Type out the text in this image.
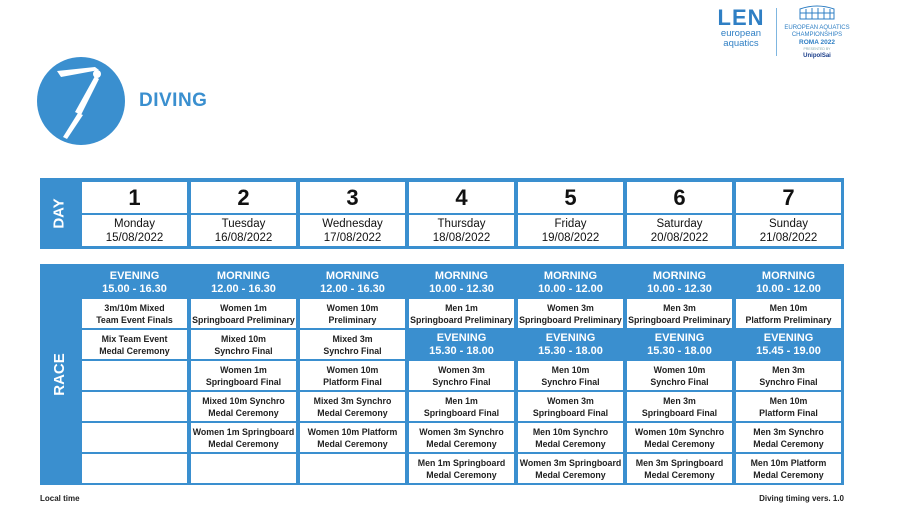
DIVING
LEN
european
aquatics
EUROPEAN AQUATICS
CHAMPIONSHIPS
ROMA 2022
PRESENTED BY
UnipolSai
DAY
1
Monday
15/08/2022
2
Tuesday
16/08/2022
3
Wednesday
17/08/2022
4
Thursday
18/08/2022
5
Friday
19/08/2022
6
Saturday
20/08/2022
7
Sunday
21/08/2022
RACE
EVENING
15.00 - 16.30
3m/10m Mixed
Team Event Finals
Mix Team Event
Medal Ceremony
MORNING
12.00 - 16.30
Women 1m
Springboard Preliminary
Mixed 10m
Synchro Final
Women 1m
Springboard Final
Mixed 10m Synchro
Medal Ceremony
Women 1m Springboard
Medal Ceremony
MORNING
12.00 - 16.30
Women 10m
Preliminary
Mixed 3m
Synchro Final
Women 10m
Platform Final
Mixed 3m Synchro
Medal Ceremony
Women 10m Platform
Medal Ceremony
MORNING
10.00 - 12.30
Men 1m
Springboard Preliminary
EVENING
15.30 - 18.00
Women 3m
Synchro Final
Men 1m
Springboard Final
Women 3m Synchro
Medal Ceremony
Men 1m Springboard
Medal Ceremony
MORNING
10.00 - 12.00
Women 3m
Springboard Preliminary
EVENING
15.30 - 18.00
Men 10m
Synchro Final
Women 3m
Springboard Final
Men 10m Synchro
Medal Ceremony
Women 3m Springboard
Medal Ceremony
MORNING
10.00 - 12.30
Men 3m
Springboard Preliminary
EVENING
15.30 - 18.00
Women 10m
Synchro Final
Men 3m
Springboard Final
Women 10m Synchro
Medal Ceremony
Men 3m Springboard
Medal Ceremony
MORNING
10.00 - 12.00
Men 10m
Platform Preliminary
EVENING
15.45 - 19.00
Men 3m
Synchro Final
Men 10m
Platform Final
Men 3m Synchro
Medal Ceremony
Men 10m Platform
Medal Ceremony
Local time	Diving timing vers. 1.0
